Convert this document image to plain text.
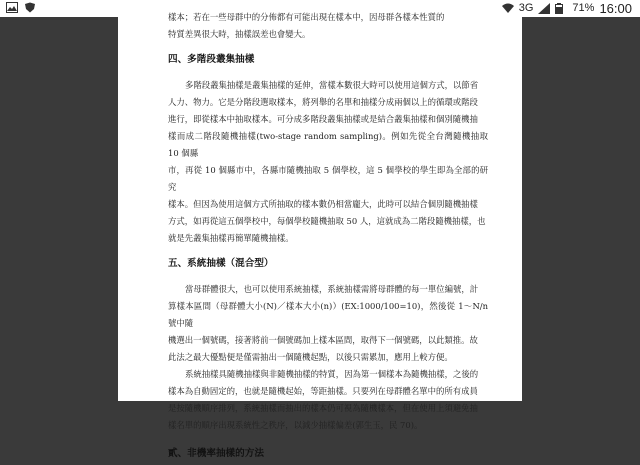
3G	71% 16:00

樣本；若在一些母群中的分佈都有可能出現在樣本中，因母群各樣本性質的

特質差異很大時，抽樣誤差也會變大。

四、多階段叢集抽樣

多階段叢集抽樣是叢集抽樣的延伸，當樣本數很大時可以使用這個方式，以節省

人力、物力。它是分階段選取樣本，將列舉的名單和抽樣分成兩個以上的循環或階段

進行，即從樣本中抽取樣本。可分成多階段叢集抽樣或是結合叢集抽樣和個別隨機抽

樣而成二階段隨機抽樣(two-stage random sampling)。例如先從全台灣隨機抽取 10 個縣

市，再從 10 個縣市中，各縣市隨機抽取 5 個學校，這 5 個學校的學生即為全部的研究

樣本。但因為使用這個方式所抽取的樣本數仍相當龐大，此時可以結合個別隨機抽樣

方式，如再從這五個學校中，每個學校隨機抽取 50 人，這就成為二階段隨機抽樣，也

就是先叢集抽樣再簡單隨機抽樣。

五、系統抽樣（混合型）

當母群體很大，也可以使用系統抽樣，系統抽樣需將母群體的每一單位編號，計

算樣本區間（母群體大小(N)／樣本大小(n)）(EX:1000/100=10)，然後從 1～N/n 號中隨

機選出一個號碼，接著將前一個號碼加上樣本區間，取得下一個號碼，以此類推。故

此法之最大優點便是僅需抽出一個隨機起點，以後只需累加，應用上較方便。

系統抽樣具隨機抽樣與非隨機抽樣的特質，因為第一個樣本為隨機抽樣，之後的

樣本為自動固定的，也就是隨機起始，等距抽樣。只要列在母群體名單中的所有成員

是按隨機順序排列，系統抽樣而抽出的樣本仍可視為隨機樣本，但在使用上須避免抽

樣名單的順序出現系統性之秩序，以減少抽樣偏差(郭生玉，民 70)。

貳、非機率抽樣的方法
